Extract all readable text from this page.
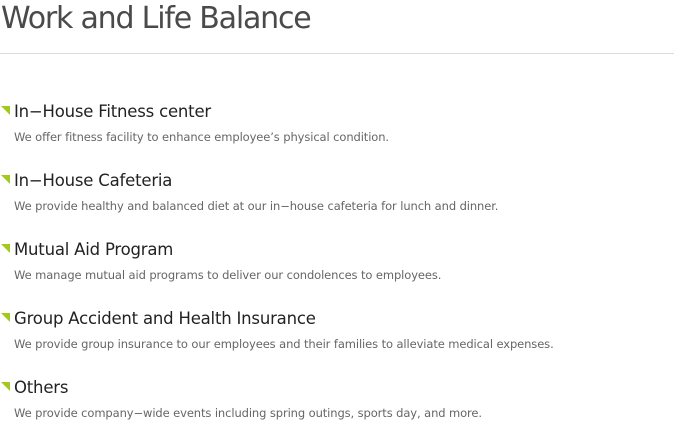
Work and Life Balance
In−House Fitness center

We offer fitness facility to enhance employee’s physical condition.

In−House Cafeteria

We provide healthy and balanced diet at our in−house cafeteria for lunch and dinner.

Mutual Aid Program

We manage mutual aid programs to deliver our condolences to employees.

Group Accident and Health Insurance

We provide group insurance to our employees and their families to alleviate medical expenses.

Others

We provide company−wide events including spring outings, sports day, and more.
